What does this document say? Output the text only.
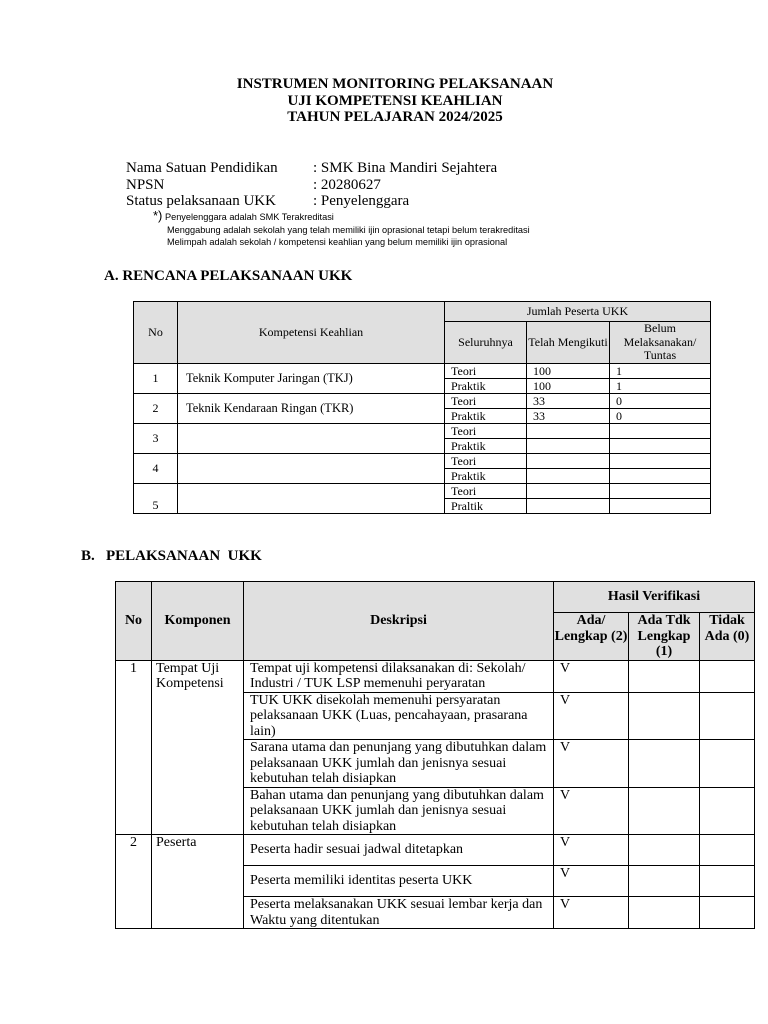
INSTRUMEN MONITORING PELAKSANAAN
UJI KOMPETENSI KEAHLIAN
TAHUN PELAJARAN 2024/2025
Nama Satuan Pendidikan	: SMK Bina Mandiri Sejahtera
NPSN	: 20280627
Status pelaksanaan UKK	: Penyelenggara
*) Penyelenggara adalah SMK Terakreditasi
Menggabung adalah sekolah yang telah memiliki ijin oprasional tetapi belum terakreditasi
Melimpah adalah sekolah / kompetensi keahlian yang belum memiliki ijin oprasional
A. RENCANA PELAKSANAAN UKK
No	Kompetensi Keahlian	Jumlah Peserta UKK		
		Seluruhnya	Telah Mengikuti	Belum Melaksanakan/ Tuntas
1	Teknik Komputer Jaringan (TKJ)	Teori	100	1
		Praktik	100	1
2	Teknik Kendaraan Ringan (TKR)	Teori	33	0
		Praktik	33	0
3		Teori		
		Praktik		
4		Teori		
		Praktik		
5		Teori		
		Praltik		
B.   PELAKSANAAN  UKK
No	Komponen	Deskripsi	Hasil Verifikasi		
			Ada/ Lengkap (2)	Ada Tdk Lengkap (1)	Tidak Ada (0)
1	Tempat Uji Kompetensi	Tempat uji kompetensi dilaksanakan di: Sekolah/ Industri / TUK LSP memenuhi peryaratan	V		
		TUK UKK disekolah memenuhi persyaratan pelaksanaan UKK (Luas, pencahayaan, prasarana lain)	V		
		Sarana utama dan penunjang yang dibutuhkan dalam pelaksanaan UKK jumlah dan jenisnya sesuai kebutuhan telah disiapkan	V		
		Bahan utama dan penunjang yang dibutuhkan dalam pelaksanaan UKK jumlah dan jenisnya sesuai kebutuhan telah disiapkan	V		
2	Peserta	Peserta hadir sesuai jadwal ditetapkan	V		
		Peserta memiliki identitas peserta UKK	V		
		Peserta melaksanakan UKK sesuai lembar kerja dan Waktu yang ditentukan	V		
